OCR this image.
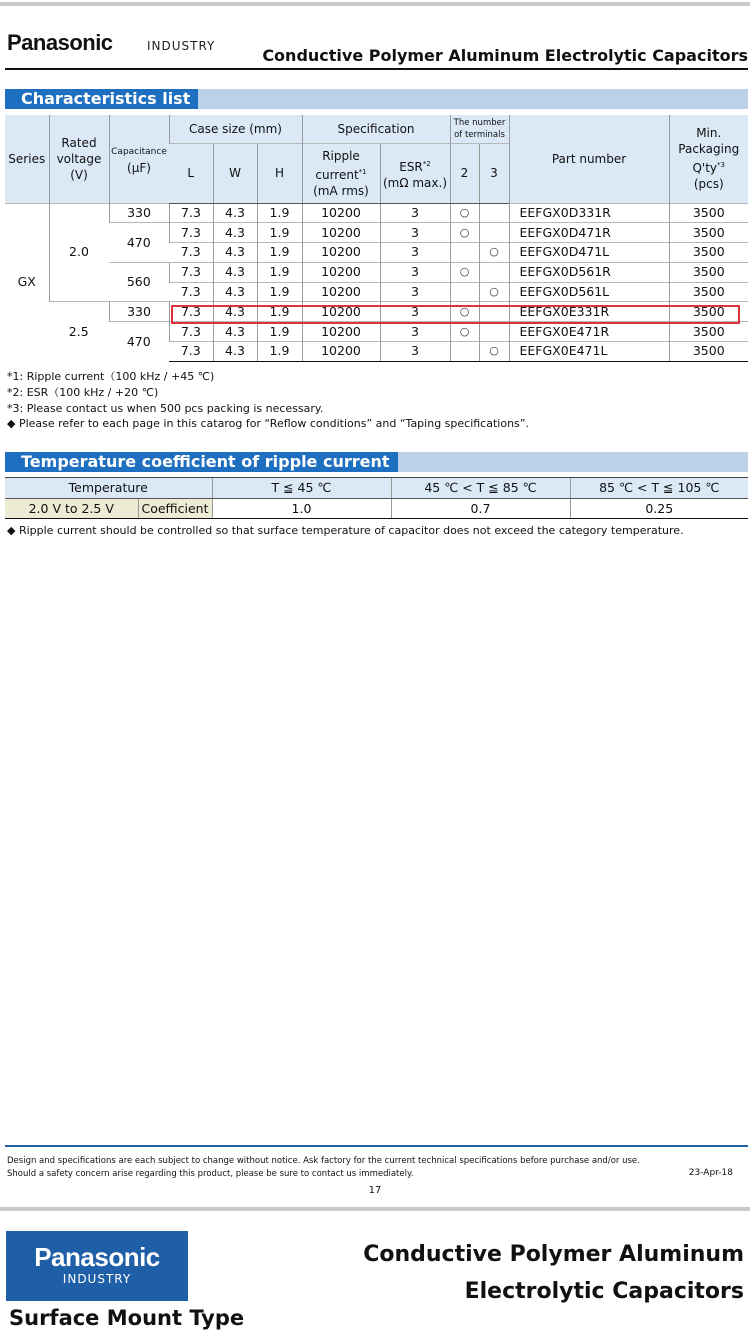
Panasonic	INDUSTRY	Conductive Polymer Aluminum Electrolytic Capacitors
Characteristics list
Series	Rated
voltage
(V)	Capacitance
(μF)	Case size (mm)			Specification		The number
of terminals		Part number	Min.
Packaging
$Q'ty^{*3}$
(pcs)
			L	W	H	Ripple
current$^{*1}$
(mA rms)	ESR$^{*2}$
(mΩ max.)	2	3		
GX	2.0	330	7.3	4.3	1.9	10200	3	○		EEFGX0D331R	3500
		470	7.3	4.3	1.9	10200	3	○		EEFGX0D471R	3500
			7.3	4.3	1.9	10200	3		○	EEFGX0D471L	3500
		560	7.3	4.3	1.9	10200	3	○		EEFGX0D561R	3500
			7.3	4.3	1.9	10200	3		○	EEFGX0D561L	3500
	2.5	330	7.3	4.3	1.9	10200	3	○		EEFGX0E331R	3500
		470	7.3	4.3	1.9	10200	3	○		EEFGX0E471R	3500
			7.3	4.3	1.9	10200	3		○	EEFGX0E471L	3500
*1: Ripple current（100 kHz / +45 ℃)
*2: ESR（100 kHz / +20 ℃)
*3: Please contact us when 500 pcs packing is necessary.
◆ Please refer to each page in this catarog for “Reflow conditions” and “Taping specifications”.
Temperature coefficient of ripple current
Temperature		T ≦ 45 ℃	45 ℃ < T ≦ 85 ℃	85 ℃ < T ≦ 105 ℃
2.0 V to 2.5 V	Coefficient	1.0	0.7	0.25
◆ Ripple current should be controlled so that surface temperature of capacitor does not exceed the category temperature.
Design and specifications are each subject to change without notice. Ask factory for the current technical specifications before purchase and/or use.
Should a safety concern arise regarding this product, please be sure to contact us immediately.	23-Apr-18
17
Panasonic
INDUSTRY
Conductive Polymer Aluminum
Electrolytic Capacitors
Surface Mount Type
